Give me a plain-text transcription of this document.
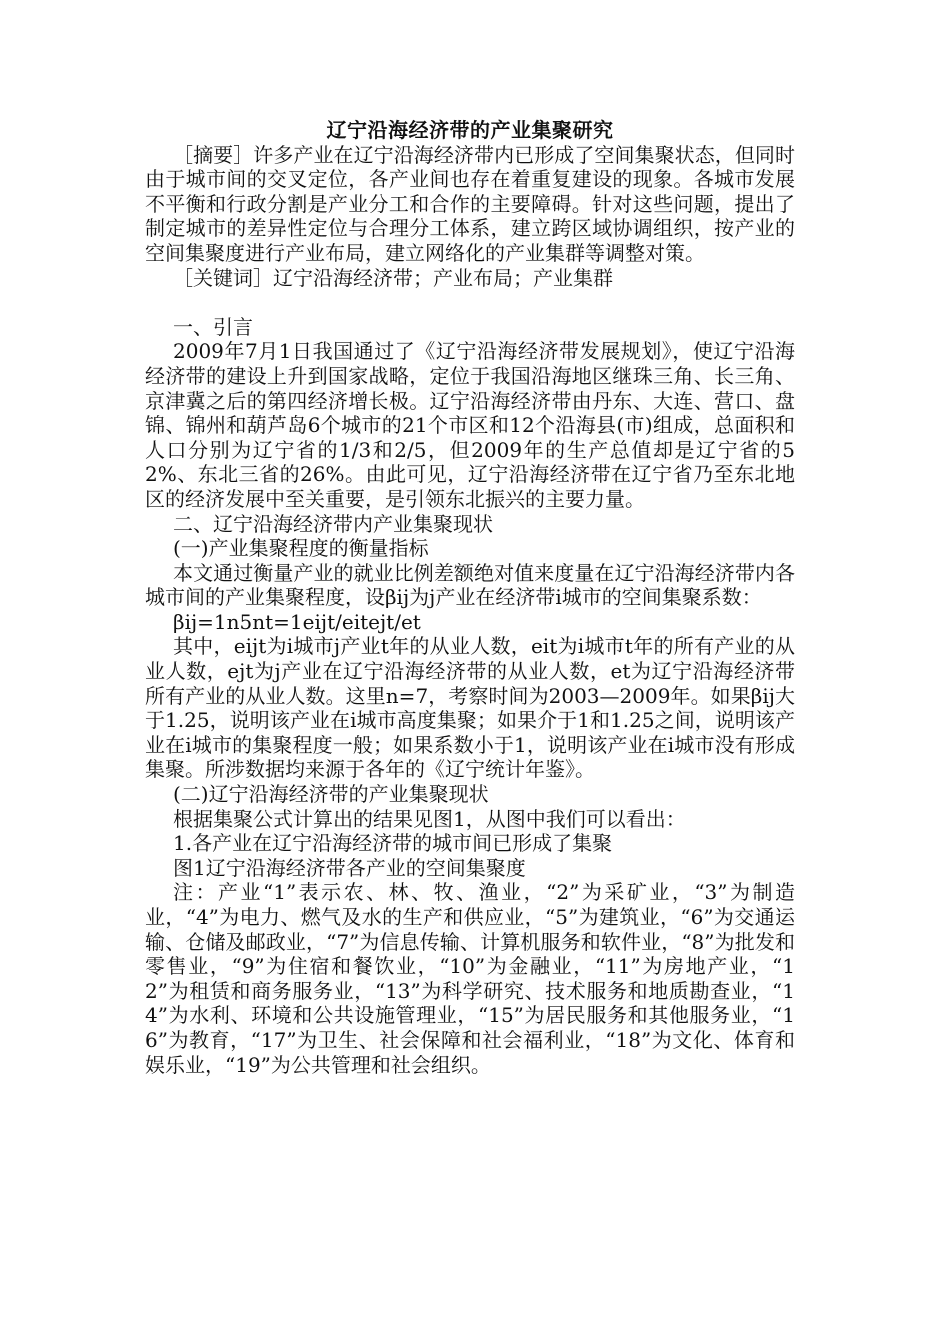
辽宁沿海经济带的产业集聚研究

［摘要］许多产业在辽宁沿海经济带内已形成了空间集聚状态，但同时由于城市间的交叉定位，各产业间也存在着重复建设的现象。各城市发展不平衡和行政分割是产业分工和合作的主要障碍。针对这些问题，提出了制定城市的差异性定位与合理分工体系，建立跨区域协调组织，按产业的空间集聚度进行产业布局，建立网络化的产业集群等调整对策。

［关键词］辽宁沿海经济带；产业布局；产业集群

一、引言

2009年7月1日我国通过了《辽宁沿海经济带发展规划》，使辽宁沿海经济带的建设上升到国家战略，定位于我国沿海地区继珠三角、长三角、京津冀之后的第四经济增长极。辽宁沿海经济带由丹东、大连、营口、盘锦、锦州和葫芦岛6个城市的21个市区和12个沿海县(市)组成，总面积和人口分别为辽宁省的1/3和2/5，但2009年的生产总值却是辽宁省的52%、东北三省的26%。由此可见，辽宁沿海经济带在辽宁省乃至东北地区的经济发展中至关重要，是引领东北振兴的主要力量。

二、辽宁沿海经济带内产业集聚现状

(一)产业集聚程度的衡量指标

本文通过衡量产业的就业比例差额绝对值来度量在辽宁沿海经济带内各城市间的产业集聚程度，设βij为j产业在经济带i城市的空间集聚系数：

βij=1n5nt=1eijt/eitejt/et

其中，eijt为i城市j产业t年的从业人数，eit为i城市t年的所有产业的从业人数，ejt为j产业在辽宁沿海经济带的从业人数，et为辽宁沿海经济带所有产业的从业人数。这里n=7，考察时间为2003—2009年。如果βij大于1.25，说明该产业在i城市高度集聚；如果介于1和1.25之间，说明该产业在i城市的集聚程度一般；如果系数小于1，说明该产业在i城市没有形成集聚。所涉数据均来源于各年的《辽宁统计年鉴》。

(二)辽宁沿海经济带的产业集聚现状

根据集聚公式计算出的结果见图1，从图中我们可以看出：

1.各产业在辽宁沿海经济带的城市间已形成了集聚

图1辽宁沿海经济带各产业的空间集聚度

注：产业“1”表示农、林、牧、渔业，“2”为采矿业，“3”为制造业，“4”为电力、燃气及水的生产和供应业，“5”为建筑业，“6”为交通运输、仓储及邮政业，“7”为信息传输、计算机服务和软件业，“8”为批发和零售业，“9”为住宿和餐饮业，“10”为金融业，“11”为房地产业，“12”为租赁和商务服务业，“13”为科学研究、技术服务和地质勘查业，“14”为水利、环境和公共设施管理业，“15”为居民服务和其他服务业，“16”为教育，“17”为卫生、社会保障和社会福利业，“18”为文化、体育和娱乐业，“19”为公共管理和社会组织。
